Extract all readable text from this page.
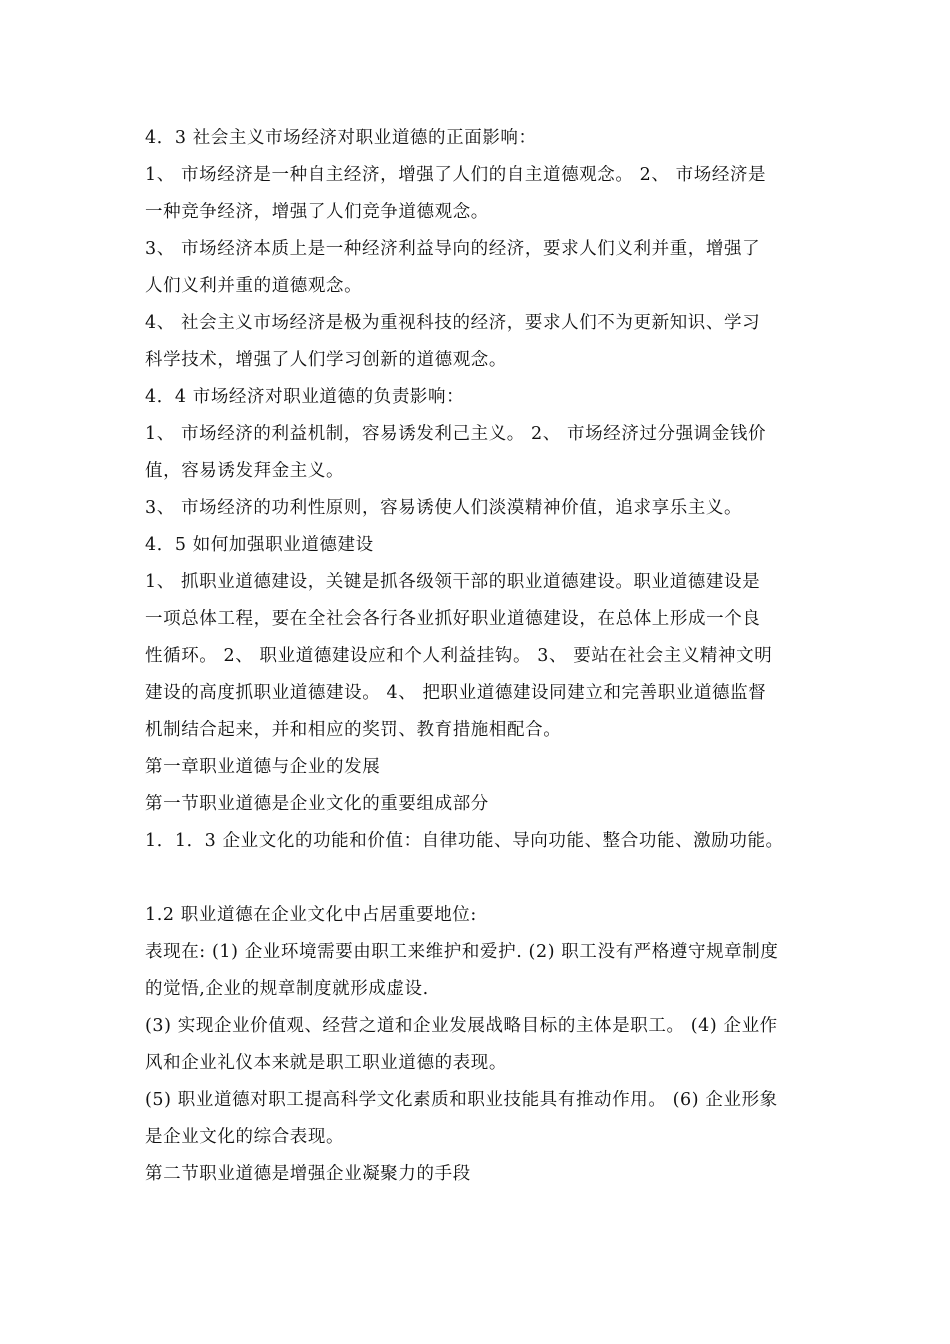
4．3 社会主义市场经济对职业道德的正面影响：
1、 市场经济是一种自主经济，增强了人们的自主道德观念。 2、 市场经济是
一种竞争经济，增强了人们竞争道德观念。
3、 市场经济本质上是一种经济利益导向的经济，要求人们义利并重，增强了
人们义利并重的道德观念。
4、 社会主义市场经济是极为重视科技的经济，要求人们不为更新知识、学习
科学技术，增强了人们学习创新的道德观念。
4．4 市场经济对职业道德的负责影响：
1、 市场经济的利益机制，容易诱发利己主义。 2、 市场经济过分强调金钱价
值，容易诱发拜金主义。
3、 市场经济的功利性原则，容易诱使人们淡漠精神价值，追求享乐主义。
4．5 如何加强职业道德建设
1、 抓职业道德建设，关键是抓各级领干部的职业道德建设。职业道德建设是
一项总体工程，要在全社会各行各业抓好职业道德建设，在总体上形成一个良
性循环。 2、 职业道德建设应和个人利益挂钩。 3、 要站在社会主义精神文明
建设的高度抓职业道德建设。 4、 把职业道德建设同建立和完善职业道德监督
机制结合起来，并和相应的奖罚、教育措施相配合。
第一章职业道德与企业的发展
第一节职业道德是企业文化的重要组成部分
1．1．3 企业文化的功能和价值：自律功能、导向功能、整合功能、激励功能。
1.2 职业道德在企业文化中占居重要地位:
表现在: (1) 企业环境需要由职工来维护和爱护. (2) 职工没有严格遵守规章制度
的觉悟,企业的规章制度就形成虚设.
(3) 实现企业价值观、经营之道和企业发展战略目标的主体是职工。 (4) 企业作
风和企业礼仪本来就是职工职业道德的表现。
(5) 职业道德对职工提高科学文化素质和职业技能具有推动作用。 (6) 企业形象
是企业文化的综合表现。
第二节职业道德是增强企业凝聚力的手段
